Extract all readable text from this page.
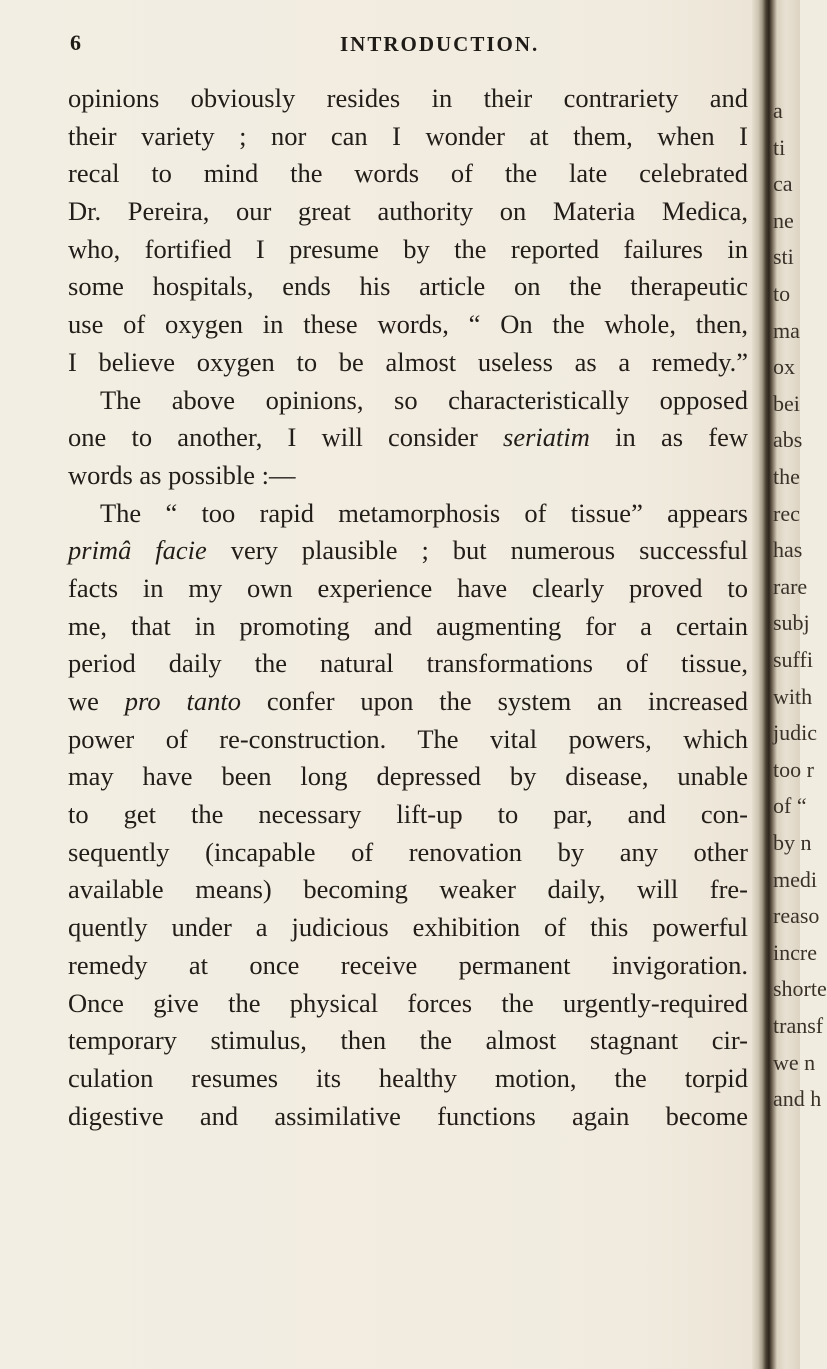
6	INTRODUCTION.
opinions obviously resides in their contrariety and
their variety ; nor can I wonder at them, when I
recal to mind the words of the late celebrated
Dr. Pereira, our great authority on Materia Medica,
who, fortified I presume by the reported failures in
some hospitals, ends his article on the therapeutic
use of oxygen in these words, “ On the whole, then,
I believe oxygen to be almost useless as a remedy.”
The above opinions, so characteristically opposed
one to another, I will consider seriatim in as few
words as possible :—
The “ too rapid metamorphosis of tissue” appears
primâ facie very plausible ; but numerous successful
facts in my own experience have clearly proved to
me, that in promoting and augmenting for a certain
period daily the natural transformations of tissue,
we pro tanto confer upon the system an increased
power of re-construction. The vital powers, which
may have been long depressed by disease, unable
to get the necessary lift-up to par, and con-
sequently (incapable of renovation by any other
available means) becoming weaker daily, will fre-
quently under a judicious exhibition of this powerful
remedy at once receive permanent invigoration.
Once give the physical forces the urgently-required
temporary stimulus, then the almost stagnant cir-
culation resumes its healthy motion, the torpid
digestive and assimilative functions again become
a
ti
ca
ne
sti
to
ma
ox
bei
abs
the
rec
has
rare
subj
suffi
with
judic
too r
of “
by n
medi
reaso
incre
shorte
transf
we n
and h
